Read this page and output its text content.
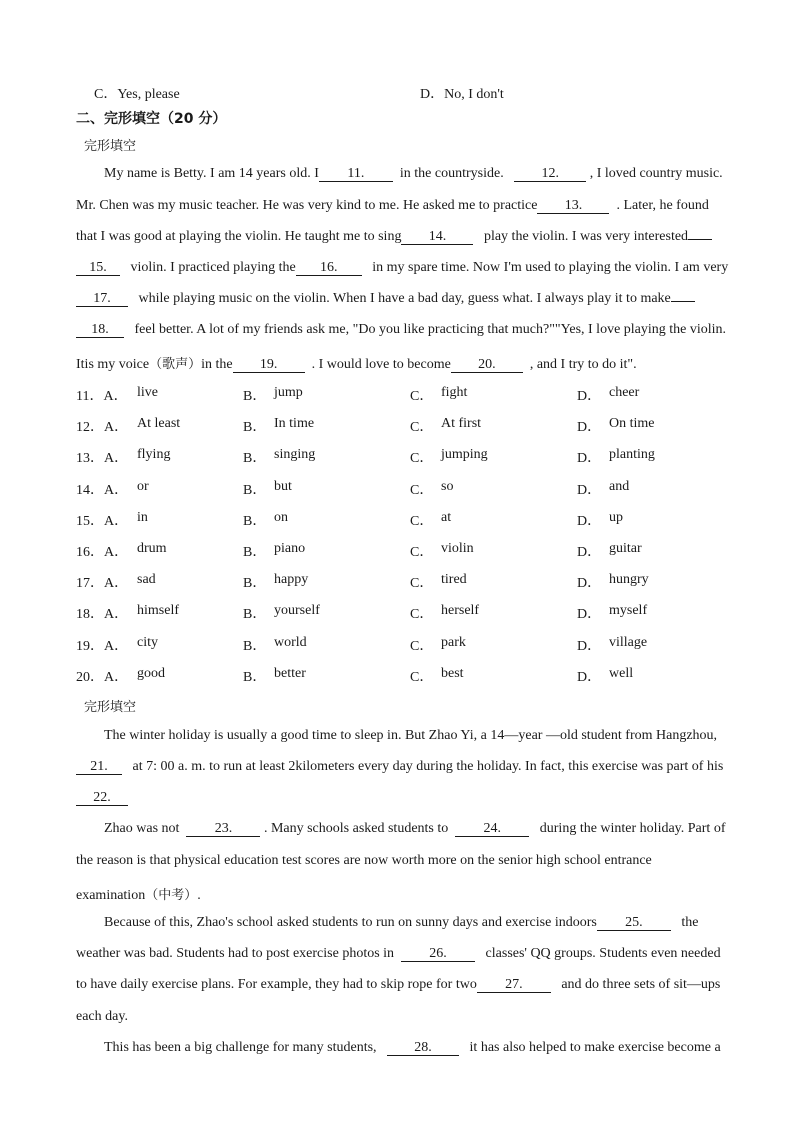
C．Yes, please	D．No, I don't
二、完形填空（20 分）
完形填空
My name is Betty. I am 14 years old. I 11.	in the countryside.	12. , I loved country music.
Mr. Chen was my music teacher. He was very kind to me. He asked me to practice 13. . Later, he found
that I was good at playing the violin. He taught me to sing 14.	play the violin. I was very interested
15. violin. I practiced playing the 16. in my spare time. Now I'm used to playing the violin. I am very
17. while playing music on the violin. When I have a bad day, guess what. I always play it to make
18. feel better. A lot of my friends ask me, "Do you like practicing that much?""Yes, I love playing the violin.
Itis my voice（歌声）in the 19. . I would love to become 20. , and I try to do it".
11．A． live	B． jump	C． fight	D． cheer
12．A． At least	B． In time	C． At first	D． On time
13．A． flying	B． singing	C． jumping	D． planting
14．A． or	B． but	C． so	D． and
15．A． in	B． on	C． at	D． up
16．A． drum	B． piano	C． violin	D． guitar
17．A． sad	B． happy	C． tired	D． hungry
18．A． himself	B． yourself	C． herself	D． myself
19．A． city	B． world	C． park	D． village
20．A． good	B． better	C． best	D． well
完形填空
The winter holiday is usually a good time to sleep in. But Zhao Yi, a 14—year —old student from Hangzhou,
21. at 7: 00 a. m. to run at least 2kilometers every day during the holiday. In fact, this exercise was part of his
22.
Zhao was not	23. . Many schools asked students to	24.	during the winter holiday. Part of
the reason is that physical education test scores are now worth more on the senior high school entrance
examination（中考）.
Because of this, Zhao's school asked students to run on sunny days and exercise indoors 25.	the
weather was bad. Students had to post exercise photos in	26.	classes' QQ groups. Students even needed
to have daily exercise plans. For example, they had to skip rope for two 27.	and do three sets of sit—ups
each day.
This has been a big challenge for many students,	28.	it has also helped to make exercise become a
